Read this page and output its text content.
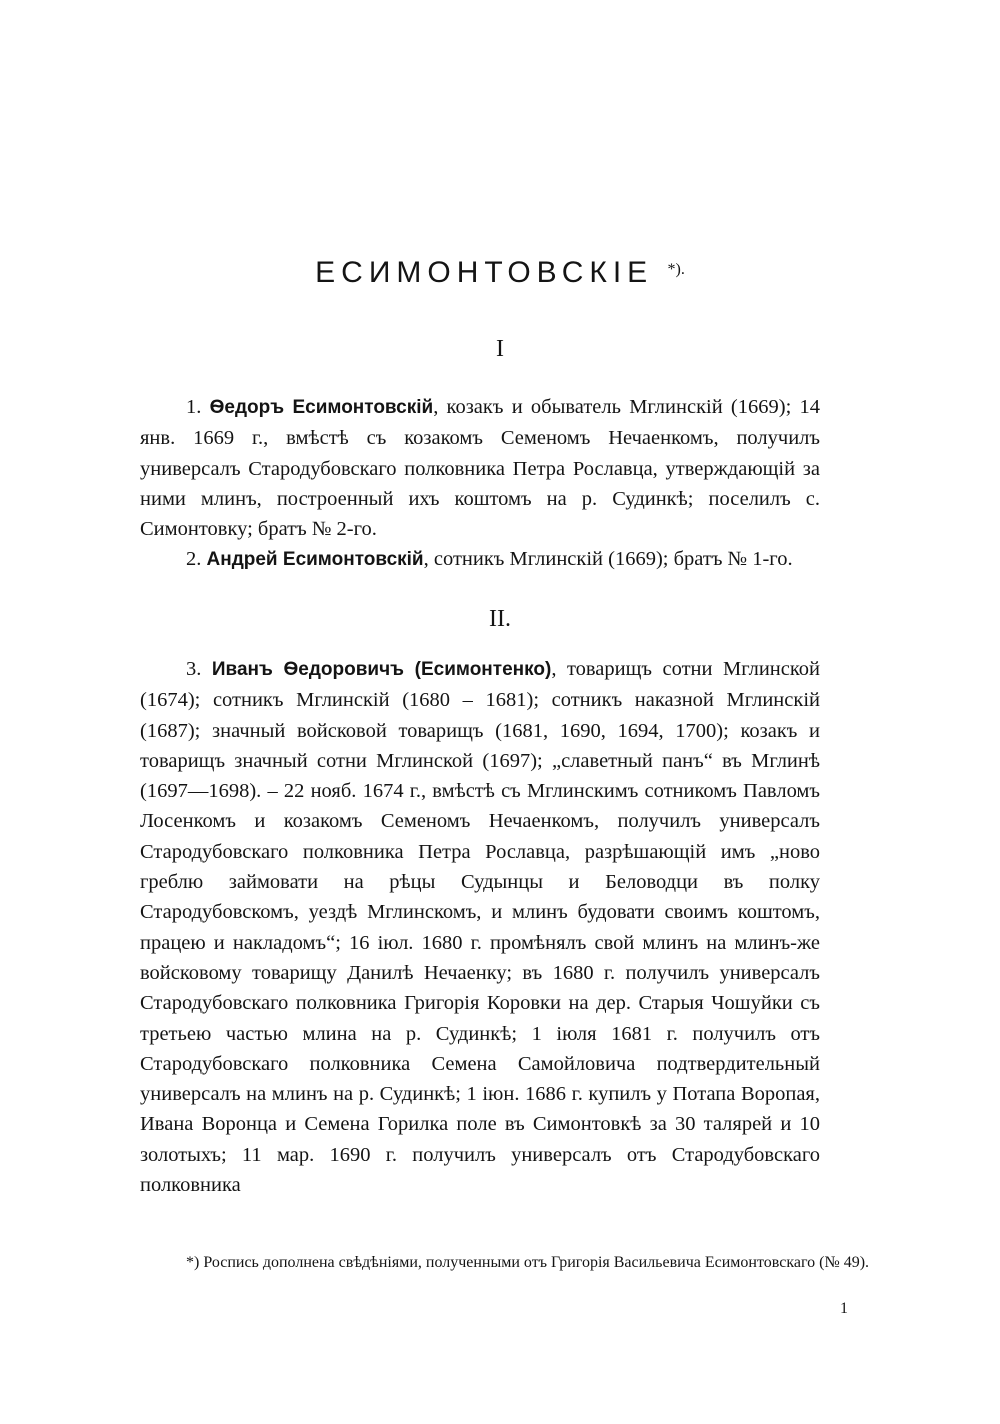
ЕСИМОНТОВСКІЕ *).

I

1. Ѳедоръ Есимонтовскій, козакъ и обыватель Мглинскій (1669); 14 янв. 1669 г., вмѣстѣ съ козакомъ Семеномъ Нечаенкомъ, получилъ универсалъ Стародубовскаго полковника Петра Рославца, утверждающій за ними млинъ, построенный ихъ коштомъ на р. Судинкѣ; поселилъ с. Симонтовку; братъ № 2-го.

2. Андрей Есимонтовскій, сотникъ Мглинскій (1669); братъ № 1-го.

II.

3. Иванъ Ѳедоровичъ (Есимонтенко), товарищъ сотни Мглинской (1674); сотникъ Мглинскій (1680 – 1681); сотникъ наказной Мглинскій (1687); значный войсковой товарищъ (1681, 1690, 1694, 1700); козакъ и товарищъ значный сотни Мглинской (1697); „славетный панъ“ въ Мглинѣ (1697—1698). – 22 нояб. 1674 г., вмѣстѣ съ Мглинскимъ сотникомъ Павломъ Лосенкомъ и козакомъ Семеномъ Нечаенкомъ, получилъ универсалъ Стародубовскаго полковника Петра Рославца, разрѣшающій имъ „ново греблю займовати на рѣцы Судынцы и Беловодци въ полку Стародубовскомъ, уездѣ Мглинскомъ, и млинъ будовати своимъ коштомъ, працею и накладомъ“; 16 іюл. 1680 г. промѣнялъ свой млинъ на млинъ-же войсковому товарищу Данилѣ Нечаенку; въ 1680 г. получилъ универсалъ Стародубовскаго полковника Григорія Коровки на дер. Старыя Чошуйки съ третьею частью млина на р. Судинкѣ; 1 іюля 1681 г. получилъ отъ Стародубовскаго полковника Семена Самойловича подтвердительный универсалъ на млинъ на р. Судинкѣ; 1 іюн. 1686 г. купилъ у Потапа Воропая, Ивана Воронца и Семена Горилка поле въ Симонтовкѣ за 30 талярей и 10 золотыхъ; 11 мар. 1690 г. получилъ универсалъ отъ Стародубовскаго полковника

*) Роспись дополнена свѣдѣніями, полученными отъ Григорія Васильевича Есимонтовскаго (№ 49).

1
